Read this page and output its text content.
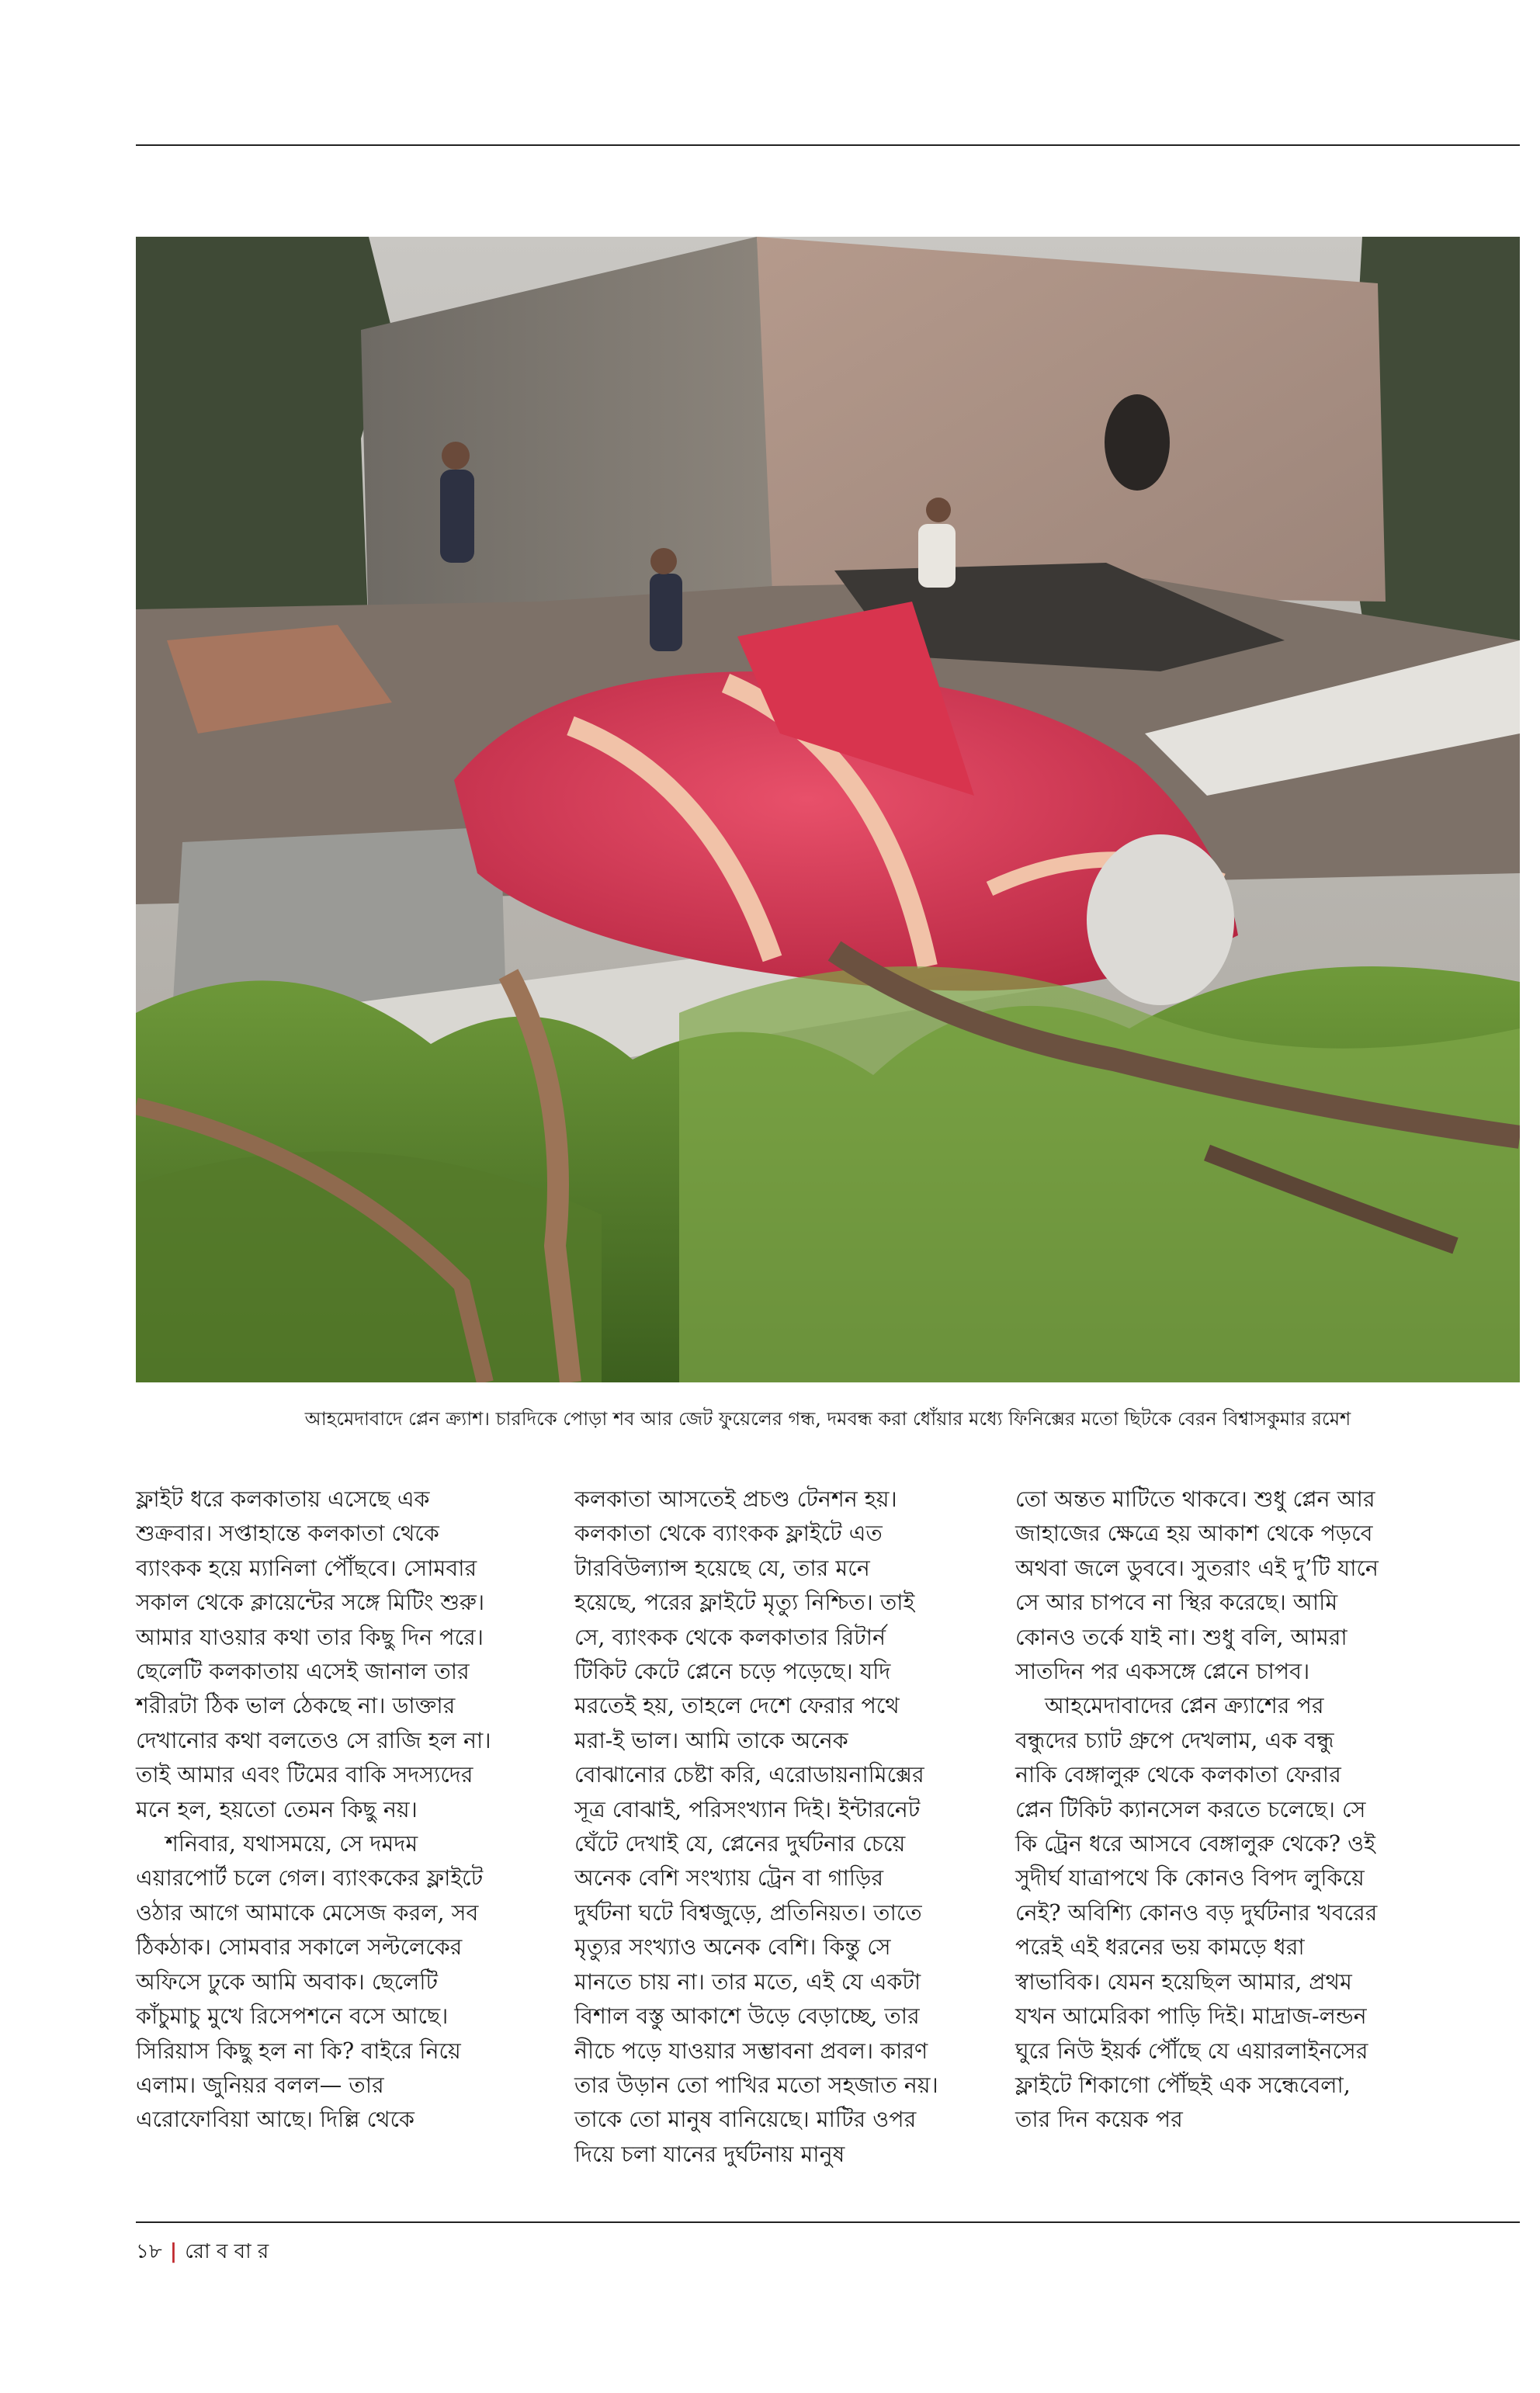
আহমেদাবাদে প্লেন ক্র্যাশ। চারদিকে পোড়া শব আর জেট ফুয়েলের গন্ধ, দমবন্ধ করা ধোঁয়ার মধ্যে ফিনিক্সের মতো ছিটকে বেরন বিশ্বাসকুমার রমেশ

ফ্লাইট ধরে কলকাতায় এসেছে এক শুক্রবার। সপ্তাহান্তে কলকাতা থেকে ব্যাংকক হয়ে ম্যানিলা পৌঁছবে। সোমবার সকাল থেকে ক্লায়েন্টের সঙ্গে মিটিং শুরু। আমার যাওয়ার কথা তার কিছু দিন পরে। ছেলেটি কলকাতায় এসেই জানাল তার শরীরটা ঠিক ভাল ঠেকছে না। ডাক্তার দেখানোর কথা বলতেও সে রাজি হল না। তাই আমার এবং টিমের বাকি সদস্যদের মনে হল, হয়তো তেমন কিছু নয়।

শনিবার, যথাসময়ে, সে দমদম এয়ারপোর্ট চলে গেল। ব্যাংককের ফ্লাইটে ওঠার আগে আমাকে মেসেজ করল, সব ঠিকঠাক। সোমবার সকালে সল্টলেকের অফিসে ঢুকে আমি অবাক। ছেলেটি কাঁচুমাচু মুখে রিসেপশনে বসে আছে। সিরিয়াস কিছু হল না কি? বাইরে নিয়ে এলাম। জুনিয়র বলল— তার এরোফোবিয়া আছে। দিল্লি থেকে

কলকাতা আসতেই প্রচণ্ড টেনশন হয়। কলকাতা থেকে ব্যাংকক ফ্লাইটে এত টারবিউল্যান্স হয়েছে যে, তার মনে হয়েছে, পরের ফ্লাইটে মৃত্যু নিশ্চিত। তাই সে, ব্যাংকক থেকে কলকাতার রিটার্ন টিকিট কেটে প্লেনে চড়ে পড়েছে। যদি মরতেই হয়, তাহলে দেশে ফেরার পথে মরা-ই ভাল। আমি তাকে অনেক বোঝানোর চেষ্টা করি, এরোডায়নামিক্সের সূত্র বোঝাই, পরিসংখ্যান দিই। ইন্টারনেট ঘেঁটে দেখাই যে, প্লেনের দুর্ঘটনার চেয়ে অনেক বেশি সংখ্যায় ট্রেন বা গাড়ির দুর্ঘটনা ঘটে বিশ্বজুড়ে, প্রতিনিয়ত। তাতে মৃত্যুর সংখ্যাও অনেক বেশি। কিন্তু সে মানতে চায় না। তার মতে, এই যে একটা বিশাল বস্তু আকাশে উড়ে বেড়াচ্ছে, তার নীচে পড়ে যাওয়ার সম্ভাবনা প্রবল। কারণ তার উড়ান তো পাখির মতো সহজাত নয়। তাকে তো মানুষ বানিয়েছে। মাটির ওপর দিয়ে চলা যানের দুর্ঘটনায় মানুষ

তো অন্তত মাটিতে থাকবে। শুধু প্লেন আর জাহাজের ক্ষেত্রে হয় আকাশ থেকে পড়বে অথবা জলে ডুববে। সুতরাং এই দু’টি যানে সে আর চাপবে না স্থির করেছে। আমি কোনও তর্কে যাই না। শুধু বলি, আমরা সাতদিন পর একসঙ্গে প্লেনে চাপব।

আহমেদাবাদের প্লেন ক্র্যাশের পর বন্ধুদের চ্যাট গ্রুপে দেখলাম, এক বন্ধু নাকি বেঙ্গালুরু থেকে কলকাতা ফেরার প্লেন টিকিট ক্যানসেল করতে চলেছে। সে কি ট্রেন ধরে আসবে বেঙ্গালুরু থেকে? ওই সুদীর্ঘ যাত্রাপথে কি কোনও বিপদ লুকিয়ে নেই? অবিশ্যি কোনও বড় দুর্ঘটনার খবরের পরেই এই ধরনের ভয় কামড়ে ধরা স্বাভাবিক। যেমন হয়েছিল আমার, প্রথম যখন আমেরিকা পাড়ি দিই। মাদ্রাজ-লন্ডন ঘুরে নিউ ইয়র্ক পৌঁছে যে এয়ারলাইনসের ফ্লাইটে শিকাগো পৌঁছই এক সন্ধেবেলা, তার দিন কয়েক পর

১৮ | রো ব বা র
